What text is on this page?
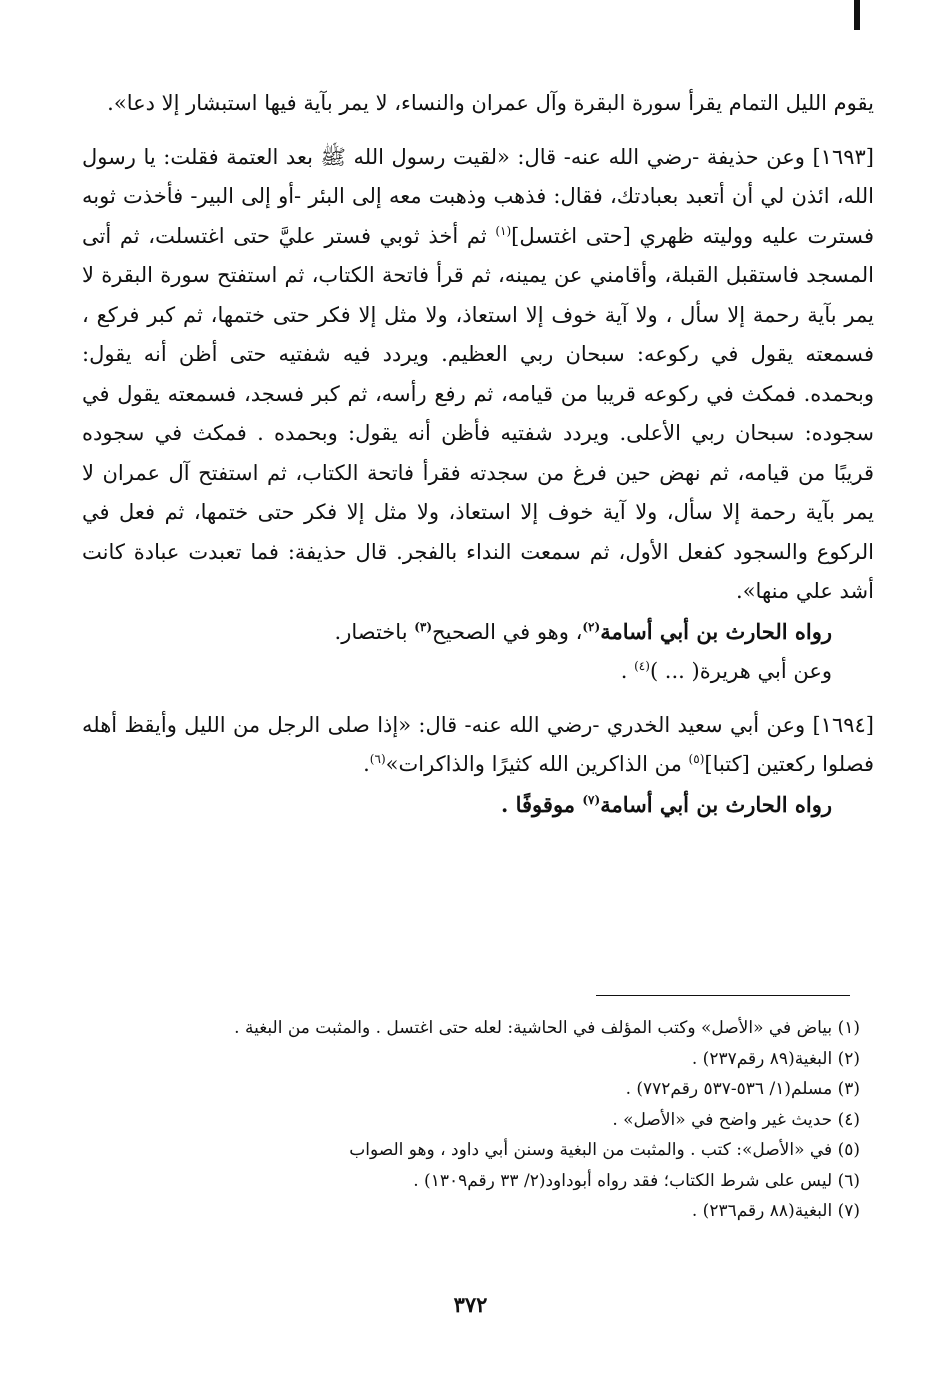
يقوم الليل التمام يقرأ سورة البقرة وآل عمران والنساء، لا يمر بآية فيها استبشار إلا دعا».

[١٦٩٣] وعن حذيفة -رضي الله عنه- قال: «لقيت رسول الله ﷺ بعد العتمة فقلت: يا رسول الله، ائذن لي أن أتعبد بعبادتك، فقال: فذهب وذهبت معه إلى البئر -أو إلى البير- فأخذت ثوبه فسترت عليه ووليته ظهري [حتى اغتسل]$^{(١)}$ ثم أخذ ثوبي فستر عليَّ حتى اغتسلت، ثم أتى المسجد فاستقبل القبلة، وأقامني عن يمينه، ثم قرأ فاتحة الكتاب، ثم استفتح سورة البقرة لا يمر بآية رحمة إلا سأل ، ولا آية خوف إلا استعاذ، ولا مثل إلا فكر حتى ختمها، ثم كبر فركع ، فسمعته يقول في ركوعه: سبحان ربي العظيم. ويردد فيه شفتيه حتى أظن أنه يقول: وبحمده. فمكث في ركوعه قريبا من قيامه، ثم رفع رأسه، ثم كبر فسجد، فسمعته يقول في سجوده: سبحان ربي الأعلى. ويردد شفتيه فأظن أنه يقول: وبحمده . فمكث في سجوده قريبًا من قيامه، ثم نهض حين فرغ من سجدته فقرأ فاتحة الكتاب، ثم استفتح آل عمران لا يمر بآية رحمة إلا سأل، ولا آية خوف إلا استعاذ، ولا مثل إلا فكر حتى ختمها، ثم فعل في الركوع والسجود كفعل الأول، ثم سمعت النداء بالفجر. قال حذيفة: فما تعبدت عبادة كانت أشد علي منها».

رواه الحارث بن أبي أسامة$^{(٢)}$، وهو في الصحيح$^{(٣)}$ باختصار.

وعن أبي هريرة( ... )$^{(٤)}$ .

[١٦٩٤] وعن أبي سعيد الخدري -رضي الله عنه- قال: «إذا صلى الرجل من الليل وأيقظ أهله فصلوا ركعتين [كتبا]$^{(٥)}$ من الذاكرين الله كثيرًا والذاكرات»$^{(٦)}$.

رواه الحارث بن أبي أسامة$^{(٧)}$ موقوفًا .

(١) بياض في «الأصل» وكتب المؤلف في الحاشية: لعله حتى اغتسل . والمثبت من البغية .
(٢) البغية(٨٩ رقم٢٣٧) .
(٣) مسلم(١/ ٥٣٦-٥٣٧ رقم٧٧٢) .
(٤) حديث غير واضح في «الأصل» .
(٥) في «الأصل»: كتب . والمثبت من البغية وسنن أبي داود ، وهو الصواب
(٦) ليس على شرط الكتاب؛ فقد رواه أبوداود(٢/ ٣٣ رقم١٣٠٩) .
(٧) البغية(٨٨ رقم٢٣٦) .
٣٧٢
